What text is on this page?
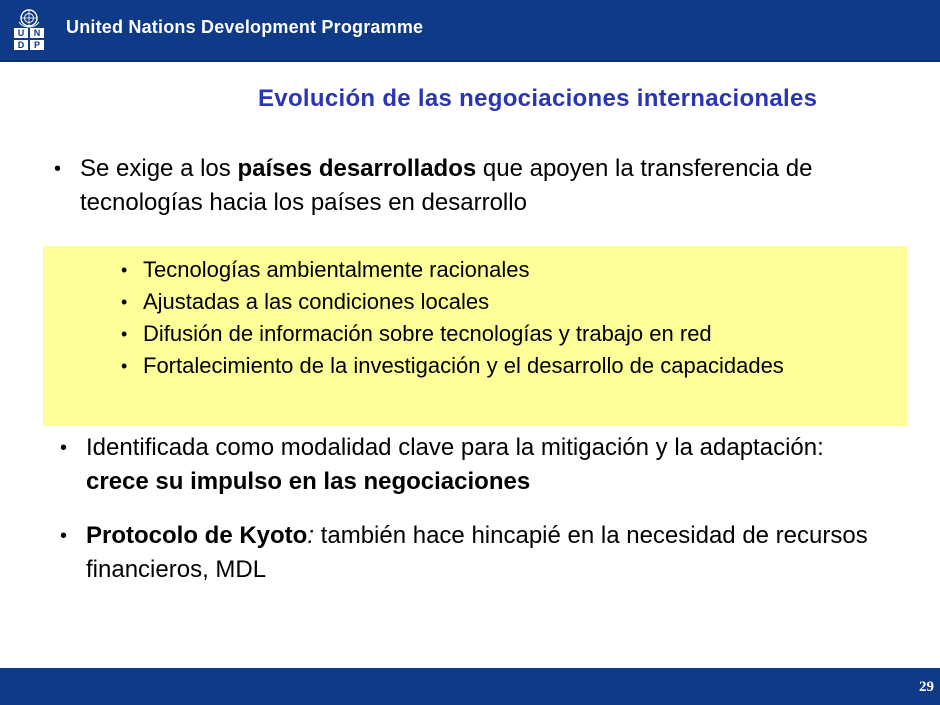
U	N
D	P
United Nations Development Programme
Evolución de las negociaciones internacionales
• Se exige a los países desarrollados que apoyen la transferencia de tecnologías hacia los países en desarrollo
• Tecnologías ambientalmente racionales
• Ajustadas a las condiciones locales
• Difusión de información sobre tecnologías y trabajo en red
• Fortalecimiento de la investigación y el desarrollo de capacidades
• Identificada como modalidad clave para la mitigación y la adaptación: crece su impulso en las negociaciones
• Protocolo de Kyoto: también hace hincapié en la necesidad de recursos financieros, MDL
29
